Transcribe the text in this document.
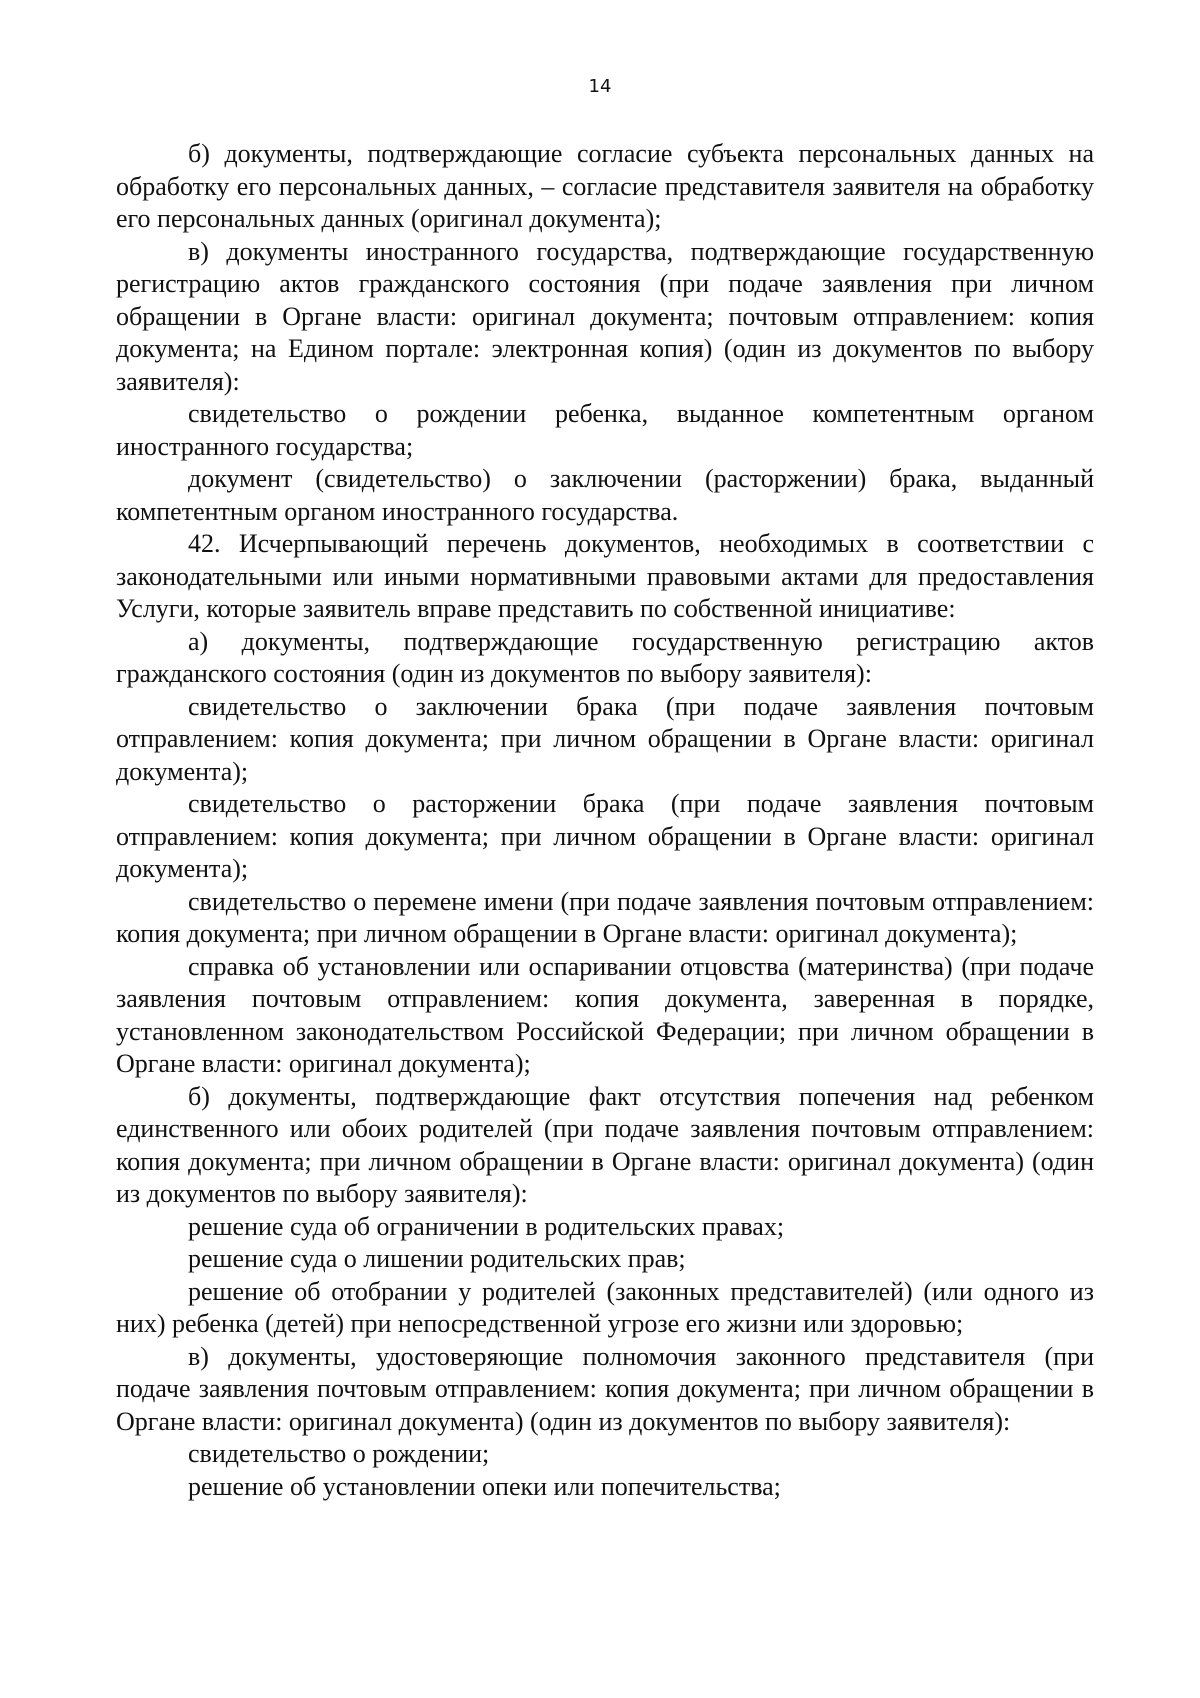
14

б) документы, подтверждающие согласие субъекта персональных данных на обработку его персональных данных, – согласие представителя заявителя на обработку его персональных данных (оригинал документа);

в) документы иностранного государства, подтверждающие государственную регистрацию актов гражданского состояния (при подаче заявления при личном обращении в Органе власти: оригинал документа; почтовым отправлением: копия документа; на Едином портале: электронная копия) (один из документов по выбору заявителя):

свидетельство о рождении ребенка, выданное компетентным органом иностранного государства;

документ (свидетельство) о заключении (расторжении) брака, выданный компетентным органом иностранного государства.

42. Исчерпывающий перечень документов, необходимых в соответствии с законодательными или иными нормативными правовыми актами для предоставления Услуги, которые заявитель вправе представить по собственной инициативе:

а) документы, подтверждающие государственную регистрацию актов гражданского состояния (один из документов по выбору заявителя):

свидетельство о заключении брака (при подаче заявления почтовым отправлением: копия документа; при личном обращении в Органе власти: оригинал документа);

свидетельство о расторжении брака (при подаче заявления почтовым отправлением: копия документа; при личном обращении в Органе власти: оригинал документа);

свидетельство о перемене имени (при подаче заявления почтовым отправлением: копия документа; при личном обращении в Органе власти: оригинал документа);

справка об установлении или оспаривании отцовства (материнства) (при подаче заявления почтовым отправлением: копия документа, заверенная в порядке, установленном законодательством Российской Федерации; при личном обращении в Органе власти: оригинал документа);

б) документы, подтверждающие факт отсутствия попечения над ребенком единственного или обоих родителей (при подаче заявления почтовым отправлением: копия документа; при личном обращении в Органе власти: оригинал документа) (один из документов по выбору заявителя):

решение суда об ограничении в родительских правах;

решение суда о лишении родительских прав;

решение об отобрании у родителей (законных представителей) (или одного из них) ребенка (детей) при непосредственной угрозе его жизни или здоровью;

в) документы, удостоверяющие полномочия законного представителя (при подаче заявления почтовым отправлением: копия документа; при личном обращении в Органе власти: оригинал документа) (один из документов по выбору заявителя):

свидетельство о рождении;

решение об установлении опеки или попечительства;
